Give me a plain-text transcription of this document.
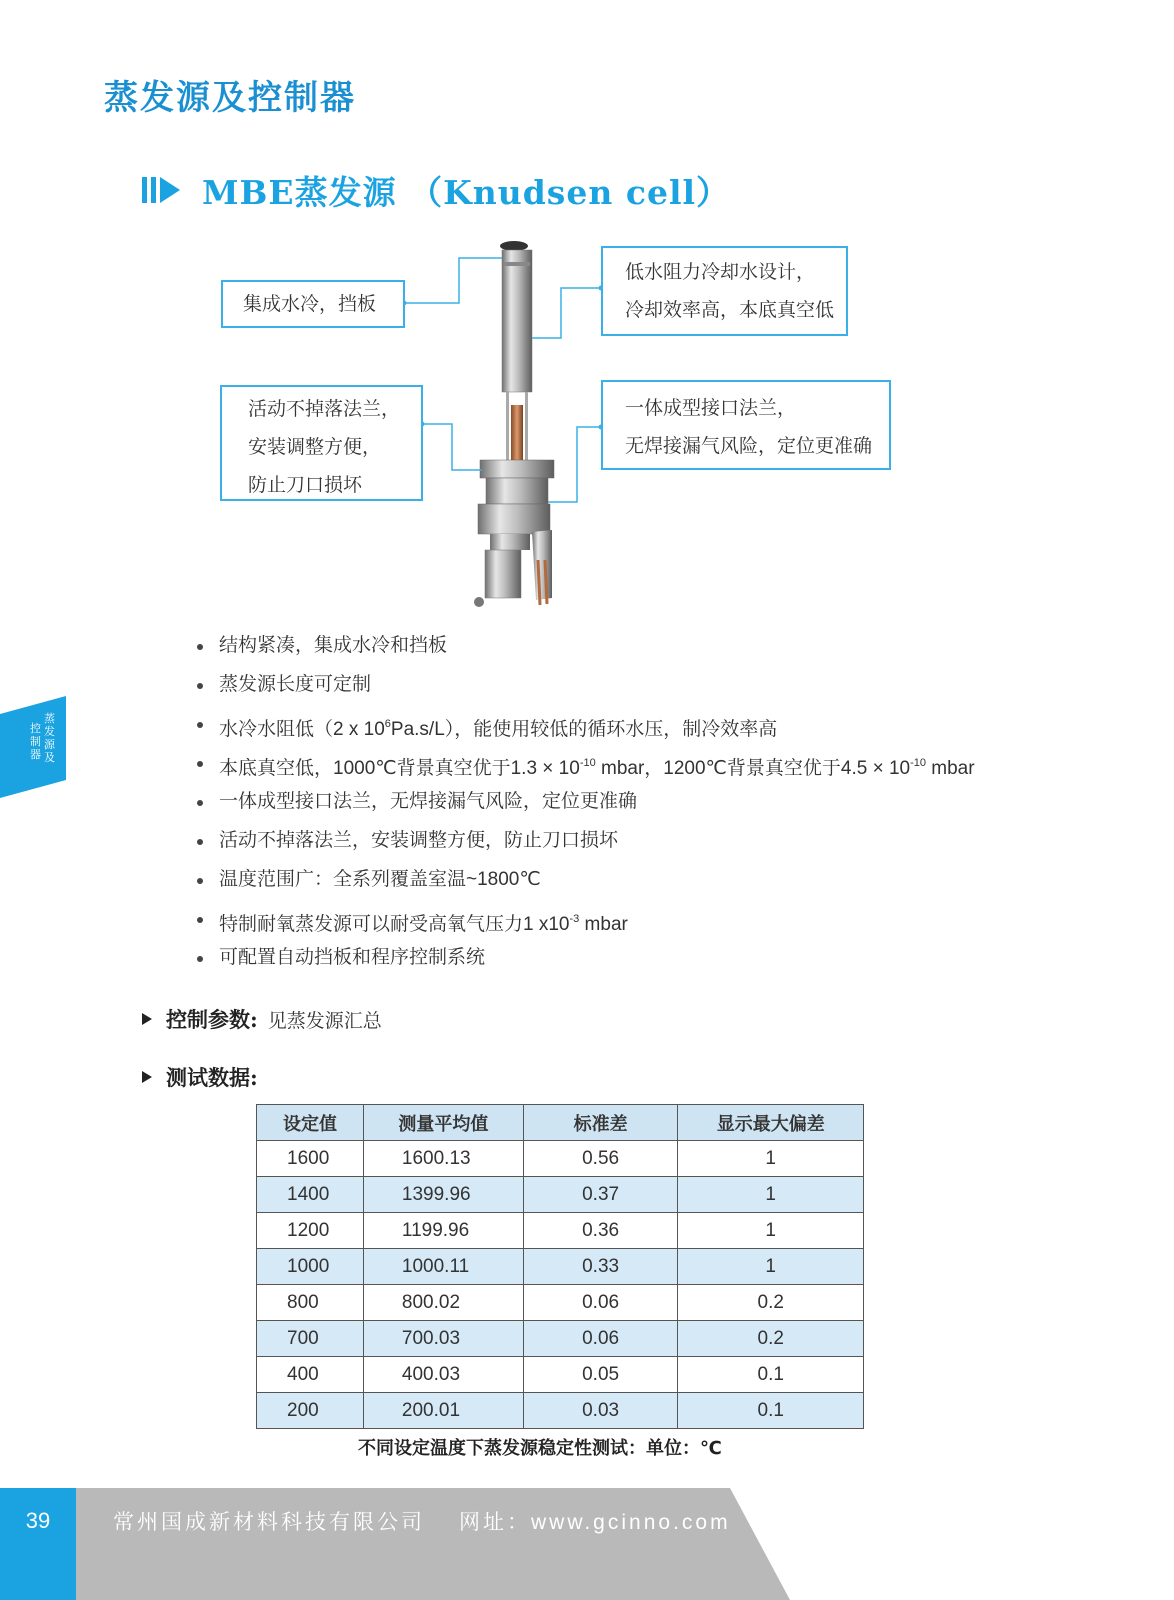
蒸发源及控制器
MBE蒸发源 （Knudsen cell）
集成水冷，挡板
低水阻力冷却水设计，
冷却效率高，本底真空低
活动不掉落法兰，
安装调整方便，
防止刀口损坏
一体成型接口法兰，
无焊接漏气风险，定位更准确
结构紧凑，集成水冷和挡板
蒸发源长度可定制
水冷水阻低（2 x $10^6Pa.s/L$），能使用较低的循环水压，制冷效率高
本底真空低，1000℃背景真空优于$1.3 \times 10^{-10}$ mbar，1200℃背景真空优于$4.5 \times 10^{-10}$ mbar
一体成型接口法兰，无焊接漏气风险，定位更准确
活动不掉落法兰，安装调整方便，防止刀口损坏
温度范围广：全系列覆盖室温~1800℃
特制耐氧蒸发源可以耐受高氧气压力1 $x10^{-3}$ mbar
可配置自动挡板和程序控制系统
控制参数: 见蒸发源汇总
测试数据:
设定值	测量平均值	标准差	显示最大偏差
1600	1600.13	0.56	1
1400	1399.96	0.37	1
1200	1199.96	0.36	1
1000	1000.11	0.33	1
800	800.02	0.06	0.2
700	700.03	0.06	0.2
400	400.03	0.05	0.1
200	200.01	0.03	0.1
不同设定温度下蒸发源稳定性测试：单位：℃
控制器
蒸发源及
39	常州国成新材料科技有限公司 网址：www.gcinno.com
